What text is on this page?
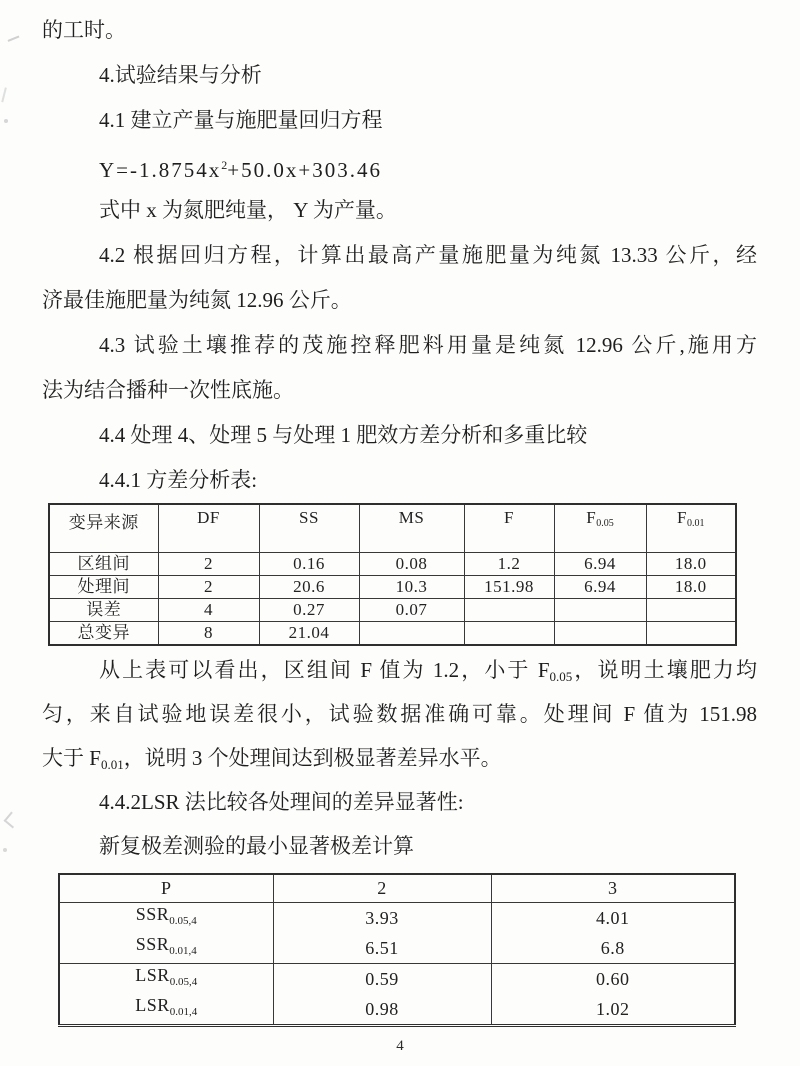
的工时。
4.试验结果与分析
4.1 建立产量与施肥量回归方程
$Y=-1.8754x^2+50.0x+303.46$
式中 x 为氮肥纯量， Y 为产量。
4.2 根据回归方程，计算出最高产量施肥量为纯氮 13.33 公斤，经
济最佳施肥量为纯氮 12.96 公斤。
4.3 试验土壤推荐的茂施控释肥料用量是纯氮 12.96 公斤,施用方
法为结合播种一次性底施。
4.4 处理 4、处理 5 与处理 1 肥效方差分析和多重比较
4.4.1 方差分析表:
变异来源	DF	SS	MS	F	F0.05	F0.01
区组间	2	0.16	0.08	1.2	6.94	18.0
处理间	2	20.6	10.3	151.98	6.94	18.0
误差	4	0.27	0.07			
总变异	8	21.04				
从上表可以看出，区组间 F 值为 1.2，小于 $F_{0.05}$，说明土壤肥力均
匀，来自试验地误差很小，试验数据准确可靠。处理间 F 值为 151.98
大于 $F_{0.01}$，说明 3 个处理间达到极显著差异水平。
4.4.2LSR 法比较各处理间的差异显著性:
新复极差测验的最小显著极差计算
P	2	3
$SSR_{0.05,4}$	3.93	4.01
$SSR_{0.01,4}$	6.51	6.8
$LSR_{0.05,4}$	0.59	0.60
$LSR_{0.01,4}$	0.98	1.02
4
